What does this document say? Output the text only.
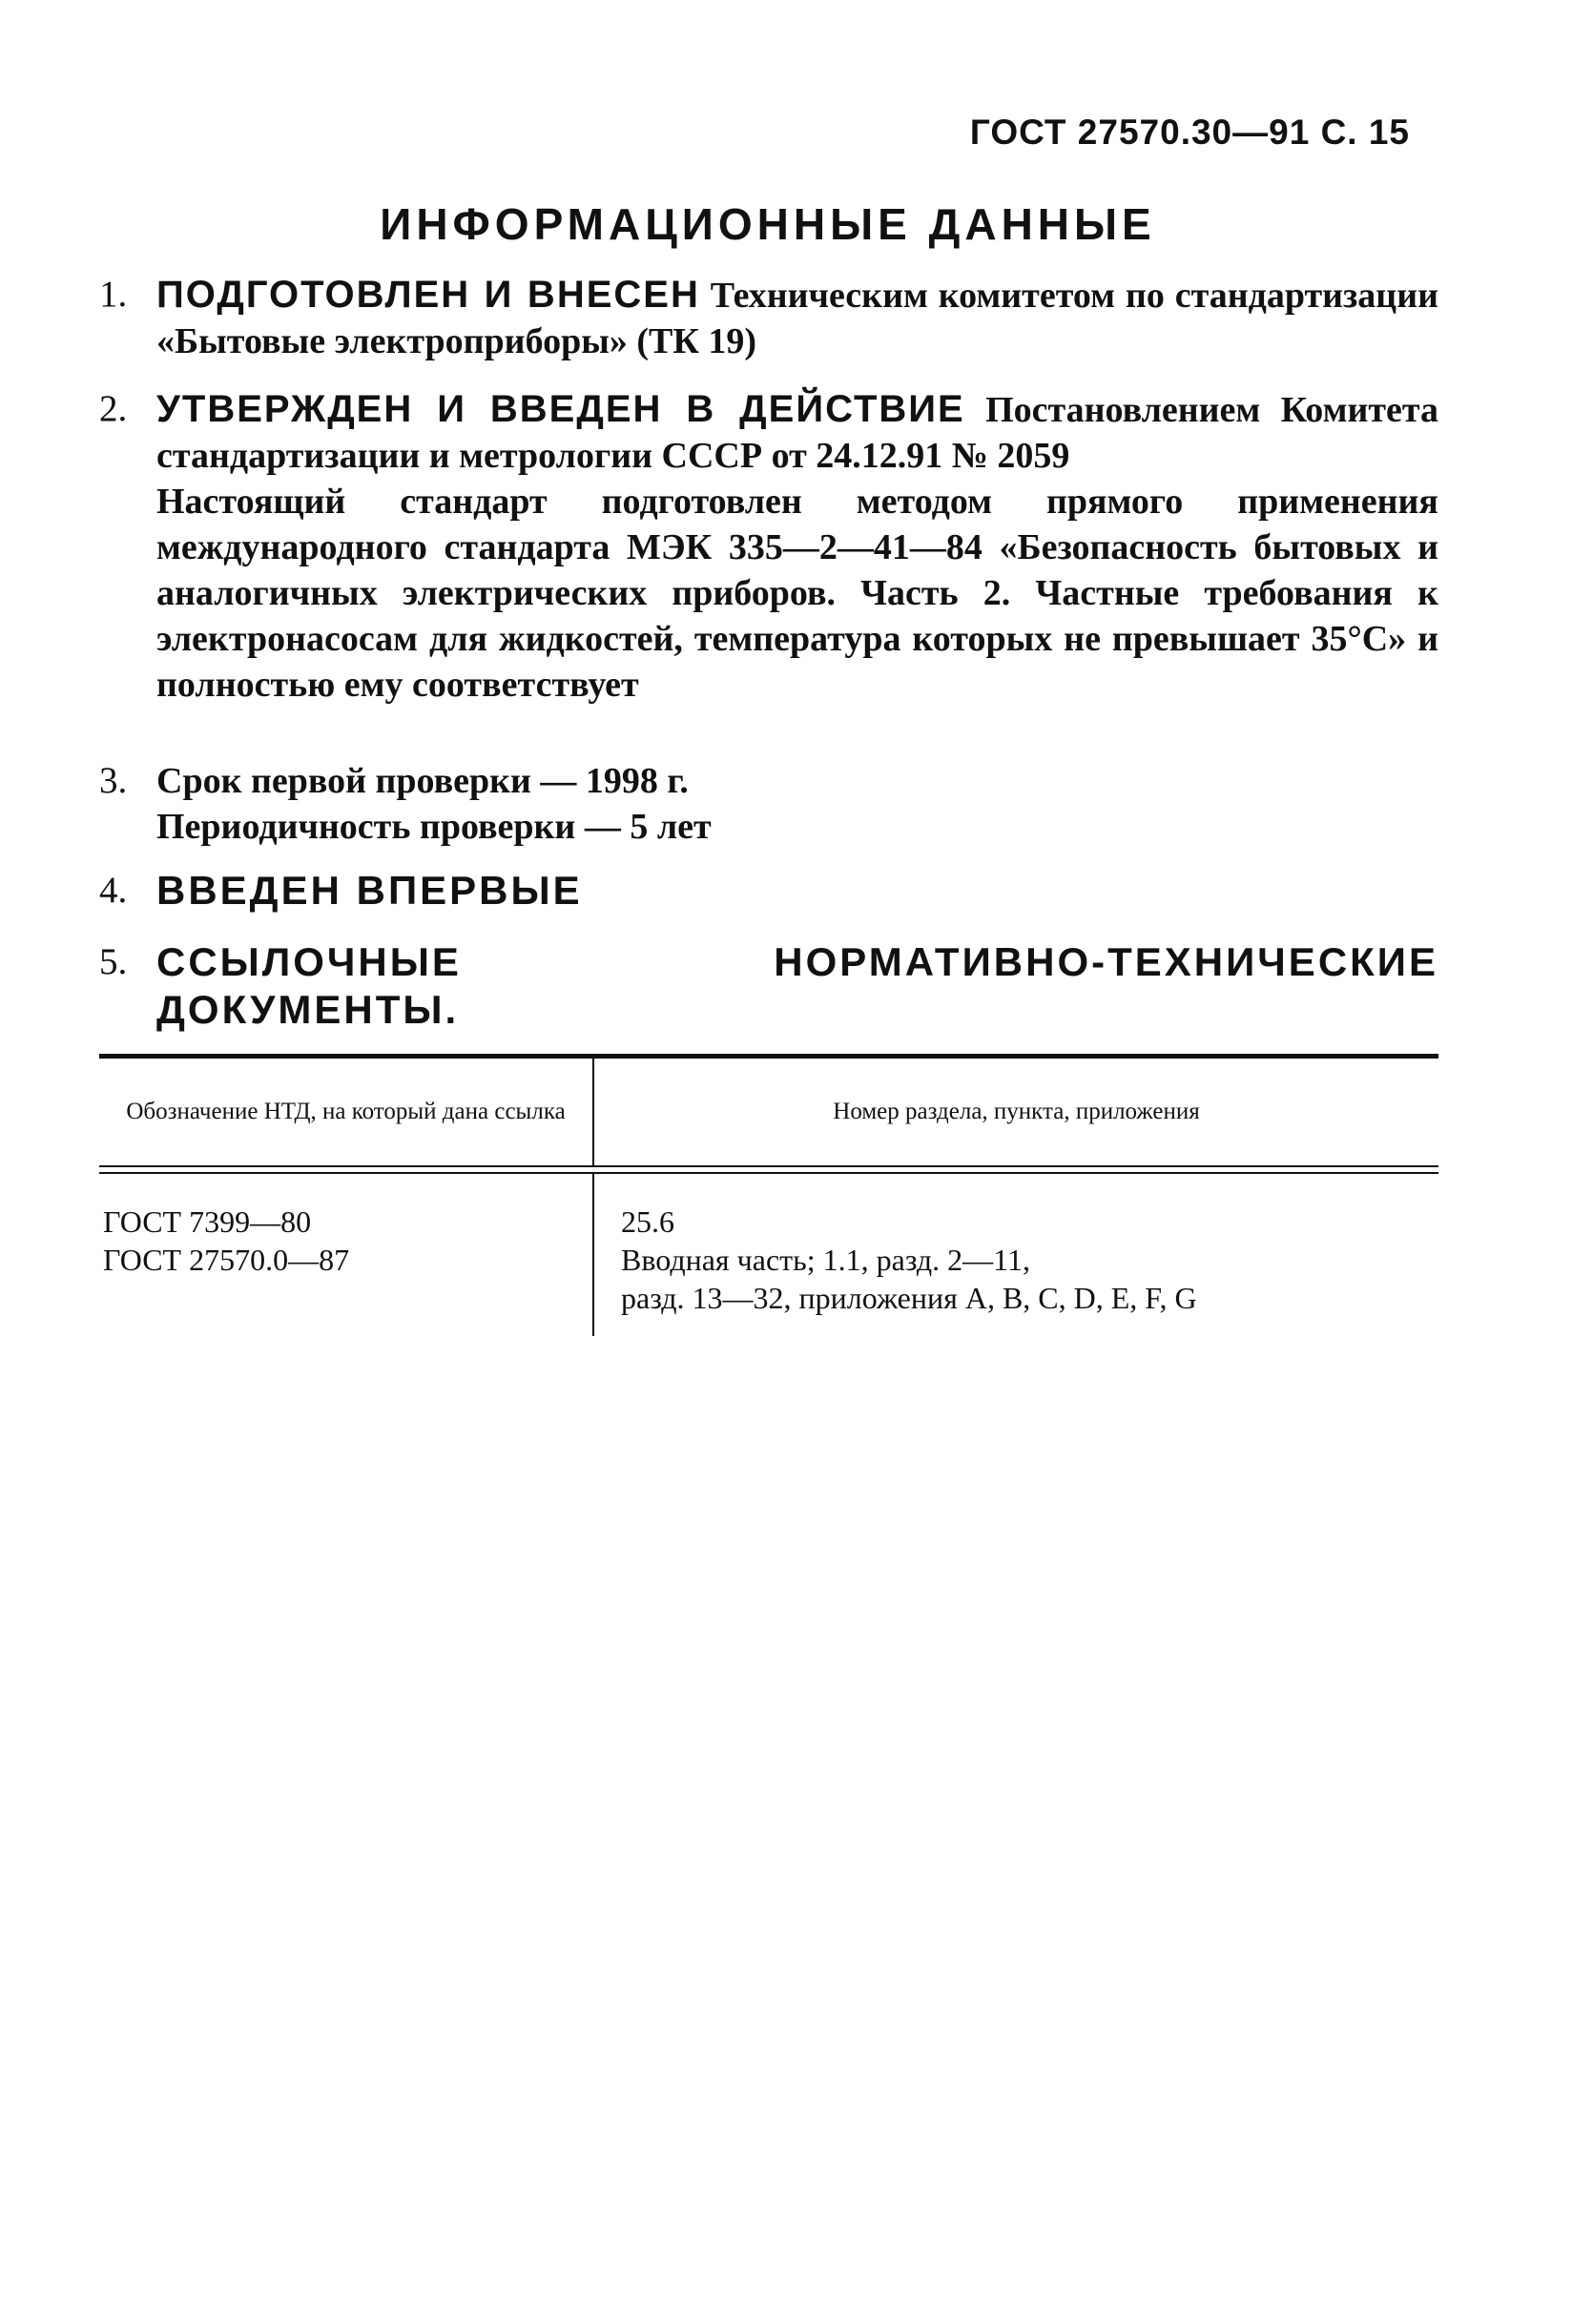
ГОСТ 27570.30—91 С. 15
ИНФОРМАЦИОННЫЕ ДАННЫЕ
1. ПОДГОТОВЛЕН И ВНЕСЕН Техническим комитетом по стандартизации «Бытовые электроприборы» (ТК 19)
2. УТВЕРЖДЕН И ВВЕДЕН В ДЕЙСТВИЕ Постановлением Комитета стандартизации и метрологии СССР от 24.12.91 № 2059
Настоящий стандарт подготовлен методом прямого применения международного стандарта МЭК 335—2—41—84 «Безопасность бытовых и аналогичных электрических приборов. Часть 2. Частные требования к электронасосам для жидкостей, температура которых не превышает 35°С» и полностью ему соответствует
3. Срок первой проверки — 1998 г.
Периодичность проверки — 5 лет
4. ВВЕДЕН ВПЕРВЫЕ
5. ССЫЛОЧНЫЕ НОРМАТИВНО-ТЕХНИЧЕСКИЕ ДОКУМЕНТЫ.
Обозначение НТД, на который дана ссылка	Номер раздела, пункта, приложения
ГОСТ 7399—80
ГОСТ 27570.0—87
25.6
Вводная часть; 1.1, разд. 2—11,
разд. 13—32, приложения А, В, С, D, Е, F, G
